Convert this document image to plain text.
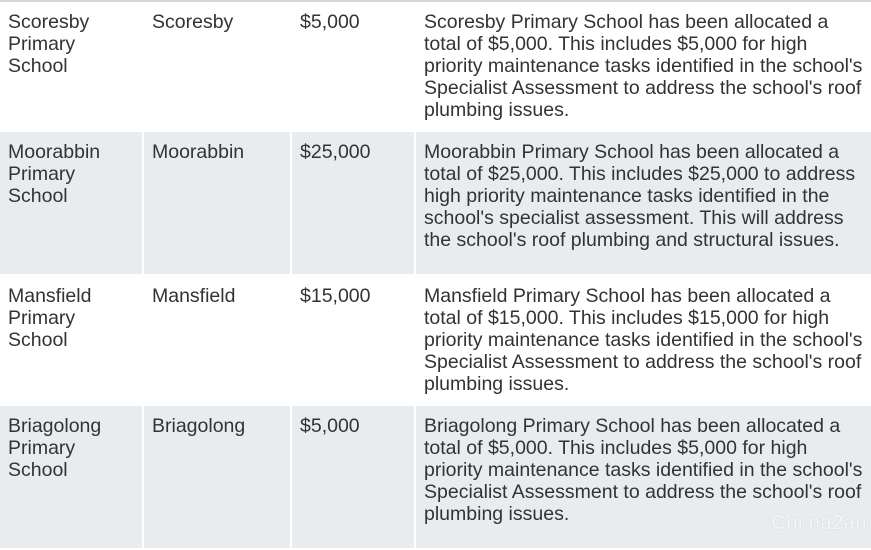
Scoresby Primary School	Scoresby	$5,000	Scoresby Primary School has been allocated a total of $5,000. This includes $5,000 for high priority maintenance tasks identified in the school's Specialist Assessment to address the school's roof plumbing issues.
Moorabbin Primary School	Moorabbin	$25,000	Moorabbin Primary School has been allocated a total of $25,000. This includes $25,000 to address high priority maintenance tasks identified in the school's specialist assessment. This will address the school's roof plumbing and structural issues.
Mansfield Primary School	Mansfield	$15,000	Mansfield Primary School has been allocated a total of $15,000. This includes $15,000 for high priority maintenance tasks identified in the school's Specialist Assessment to address the school's roof plumbing issues.
Briagolong Primary School	Briagolong	$5,000	Briagolong Primary School has been allocated a total of $5,000. This includes $5,000 for high priority maintenance tasks identified in the school's Specialist Assessment to address the school's roof plumbing issues.	Chi na2au
